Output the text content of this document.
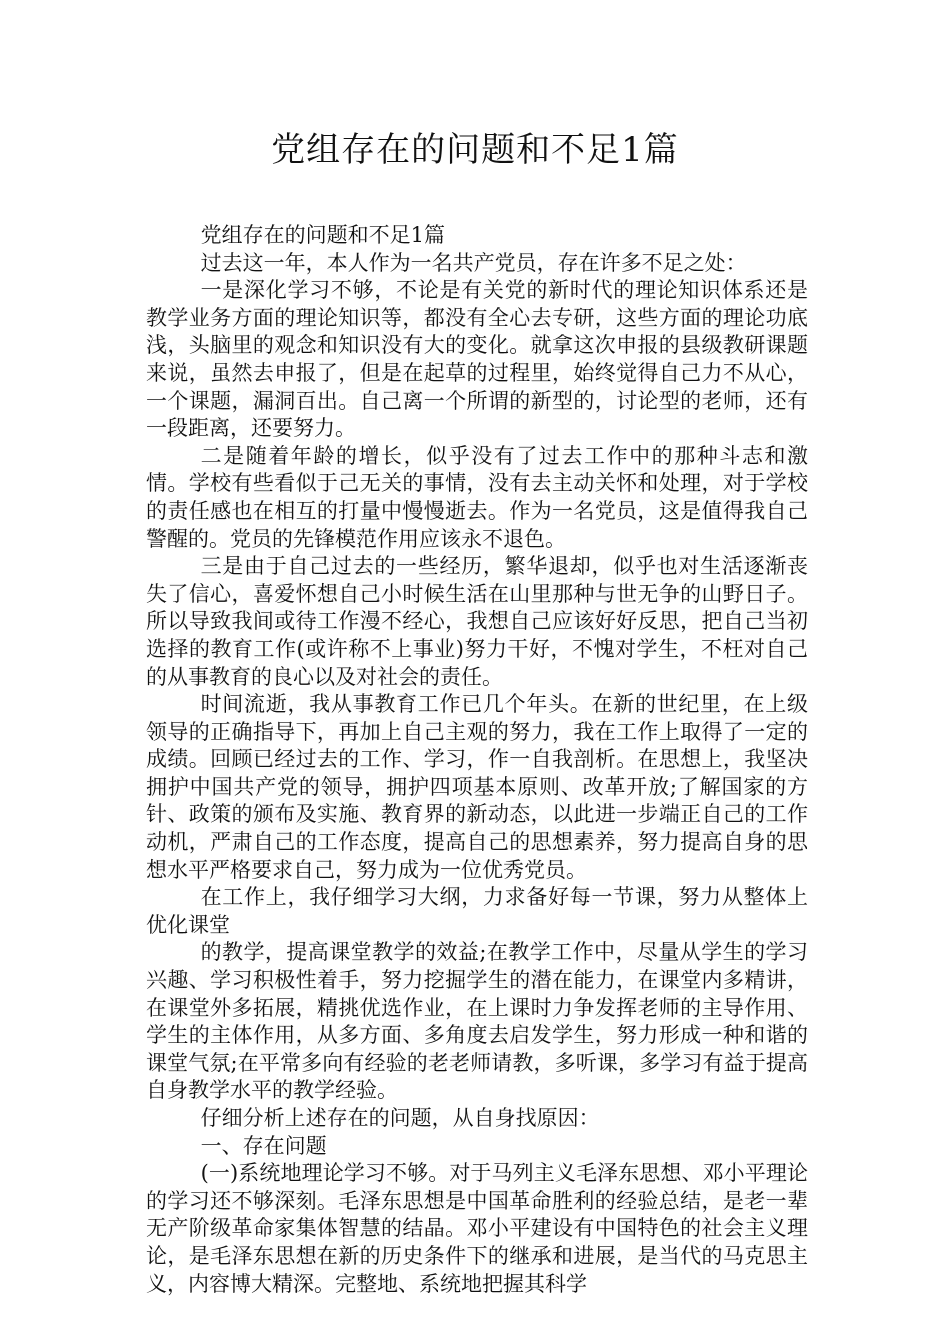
党组存在的问题和不足1篇

党组存在的问题和不足1篇

过去这一年，本人作为一名共产党员，存在许多不足之处：

一是深化学习不够，不论是有关党的新时代的理论知识体系还是教学业务方面的理论知识等，都没有全心去专研，这些方面的理论功底浅，头脑里的观念和知识没有大的变化。就拿这次申报的县级教研课题来说，虽然去申报了，但是在起草的过程里，始终觉得自己力不从心，一个课题，漏洞百出。自己离一个所谓的新型的，讨论型的老师，还有一段距离，还要努力。

二是随着年龄的增长，似乎没有了过去工作中的那种斗志和激情。学校有些看似于己无关的事情，没有去主动关怀和处理，对于学校的责任感也在相互的打量中慢慢逝去。作为一名党员，这是值得我自己警醒的。党员的先锋模范作用应该永不退色。

三是由于自己过去的一些经历，繁华退却，似乎也对生活逐渐丧失了信心，喜爱怀想自己小时候生活在山里那种与世无争的山野日子。所以导致我间或待工作漫不经心，我想自己应该好好反思，把自己当初选择的教育工作(或许称不上事业)努力干好，不愧对学生，不枉对自己的从事教育的良心以及对社会的责任。

时间流逝，我从事教育工作已几个年头。在新的世纪里，在上级领导的正确指导下，再加上自己主观的努力，我在工作上取得了一定的成绩。回顾已经过去的工作、学习，作一自我剖析。在思想上，我坚决拥护中国共产党的领导，拥护四项基本原则、改革开放;了解国家的方针、政策的颁布及实施、教育界的新动态，以此进一步端正自己的工作动机，严肃自己的工作态度，提高自己的思想素养，努力提高自身的思想水平严格要求自己，努力成为一位优秀党员。

在工作上，我仔细学习大纲，力求备好每一节课，努力从整体上优化课堂

的教学，提高课堂教学的效益;在教学工作中，尽量从学生的学习兴趣、学习积极性着手，努力挖掘学生的潜在能力，在课堂内多精讲，在课堂外多拓展，精挑优选作业，在上课时力争发挥老师的主导作用、学生的主体作用，从多方面、多角度去启发学生，努力形成一种和谐的课堂气氛;在平常多向有经验的老老师请教，多听课，多学习有益于提高自身教学水平的教学经验。

仔细分析上述存在的问题，从自身找原因：

一、存在问题

(一)系统地理论学习不够。对于马列主义毛泽东思想、邓小平理论的学习还不够深刻。毛泽东思想是中国革命胜利的经验总结，是老一辈无产阶级革命家集体智慧的结晶。邓小平建设有中国特色的社会主义理论，是毛泽东思想在新的历史条件下的继承和进展，是当代的马克思主义，内容博大精深。完整地、系统地把握其科学
